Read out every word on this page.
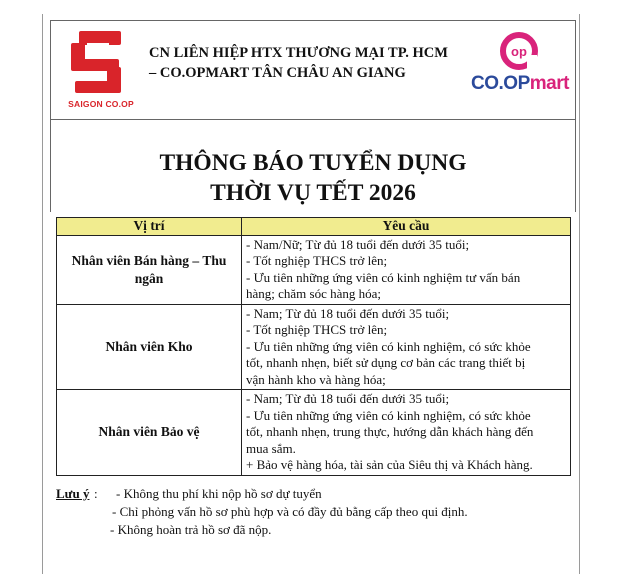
SAIGON CO.OP
CN LIÊN HIỆP HTX THƯƠNG MẠI TP. HCM
– CO.OPMART TÂN CHÂU AN GIANG
op
CO.OPmart
THÔNG BÁO TUYỂN DỤNG
THỜI VỤ TẾT 2026
Vị trí	Yêu cầu
Nhân viên Bán hàng – Thu ngân	- Nam/Nữ; Từ đủ 18 tuổi đến dưới 35 tuổi;
- Tốt nghiệp THCS trở lên;
- Ưu tiên những ứng viên có kinh nghiệm tư vấn bán
hàng; chăm sóc hàng hóa;

Nhân viên Kho	- Nam; Từ đủ 18 tuổi đến dưới 35 tuổi;
- Tốt nghiệp THCS trở lên;
- Ưu tiên những ứng viên có kinh nghiệm, có sức khỏe
tốt, nhanh nhẹn, biết sử dụng cơ bản các trang thiết bị
vận hành kho và hàng hóa;

Nhân viên Bảo vệ	- Nam; Từ đủ 18 tuổi đến dưới 35 tuổi;
- Ưu tiên những ứng viên có kinh nghiệm, có sức khỏe
tốt, nhanh nhẹn, trung thực, hướng dẫn khách hàng đến
mua sắm.
+ Bảo vệ hàng hóa, tài sản của Siêu thị và Khách hàng.
Lưu ý : - Không thu phí khi nộp hồ sơ dự tuyển
- Chỉ phỏng vấn hồ sơ phù hợp và có đầy đủ bằng cấp theo qui định.
- Không hoàn trả hồ sơ đã nộp.
